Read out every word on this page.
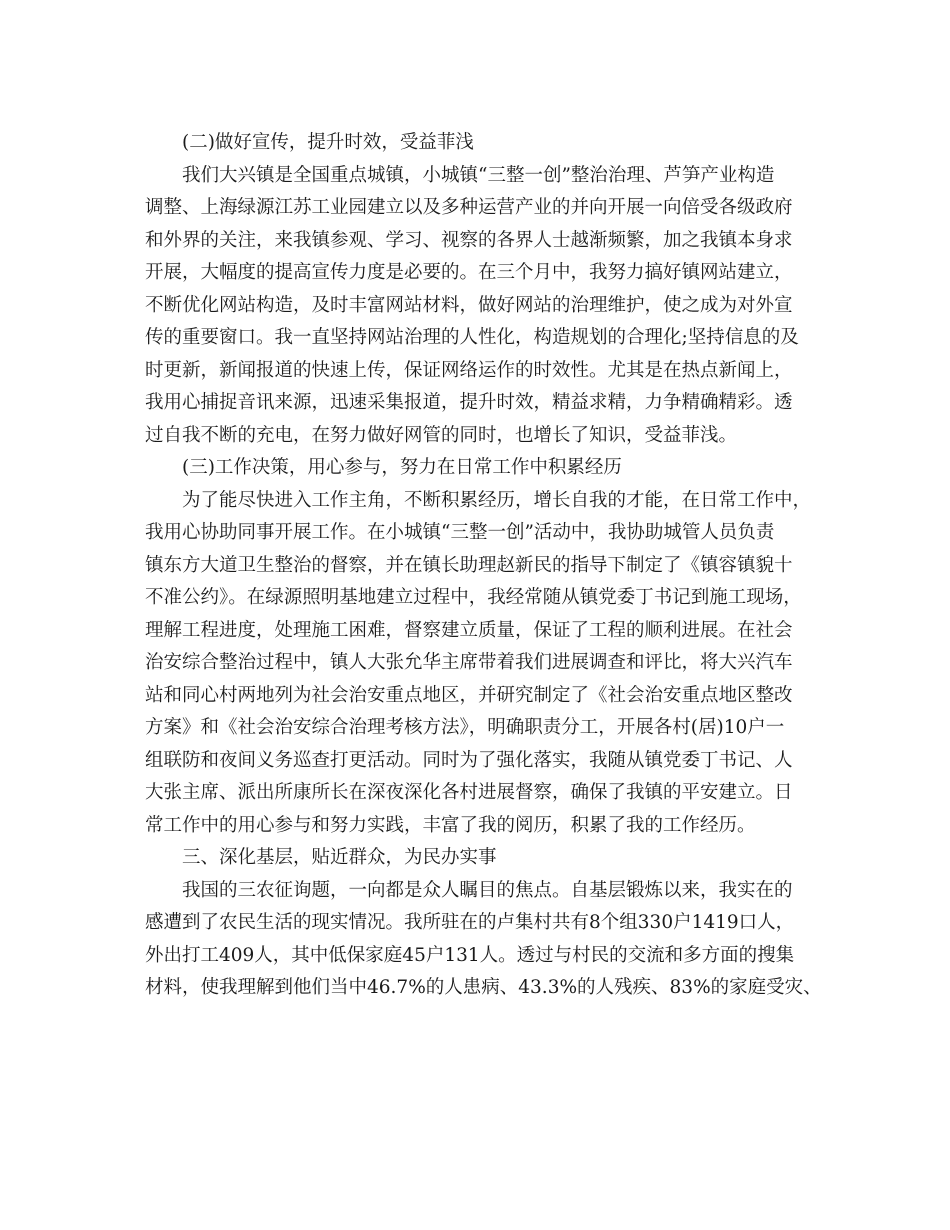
(二)做好宣传，提升时效，受益菲浅
我们大兴镇是全国重点城镇，小城镇“三整一创”整治治理、芦笋产业构造
调整、上海绿源江苏工业园建立以及多种运营产业的并向开展一向倍受各级政府
和外界的关注，来我镇参观、学习、视察的各界人士越渐频繁，加之我镇本身求
开展，大幅度的提高宣传力度是必要的。在三个月中，我努力搞好镇网站建立，
不断优化网站构造，及时丰富网站材料，做好网站的治理维护，使之成为对外宣
传的重要窗口。我一直坚持网站治理的人性化，构造规划的合理化;坚持信息的及
时更新，新闻报道的快速上传，保证网络运作的时效性。尤其是在热点新闻上，
我用心捕捉音讯来源，迅速采集报道，提升时效，精益求精，力争精确精彩。透
过自我不断的充电，在努力做好网管的同时，也增长了知识，受益菲浅。
(三)工作决策，用心参与，努力在日常工作中积累经历
为了能尽快进入工作主角，不断积累经历，增长自我的才能，在日常工作中，
我用心协助同事开展工作。在小城镇“三整一创”活动中，我协助城管人员负责
镇东方大道卫生整治的督察，并在镇长助理赵新民的指导下制定了《镇容镇貌十
不准公约》。在绿源照明基地建立过程中，我经常随从镇党委丁书记到施工现场，
理解工程进度，处理施工困难，督察建立质量，保证了工程的顺利进展。在社会
治安综合整治过程中，镇人大张允华主席带着我们进展调查和评比，将大兴汽车
站和同心村两地列为社会治安重点地区，并研究制定了《社会治安重点地区整改
方案》和《社会治安综合治理考核方法》，明确职责分工，开展各村(居)10户一
组联防和夜间义务巡查打更活动。同时为了强化落实，我随从镇党委丁书记、人
大张主席、派出所康所长在深夜深化各村进展督察，确保了我镇的平安建立。日
常工作中的用心参与和努力实践，丰富了我的阅历，积累了我的工作经历。
三、深化基层，贴近群众，为民办实事
我国的三农征询题，一向都是众人瞩目的焦点。自基层锻炼以来，我实在的
感遭到了农民生活的现实情况。我所驻在的卢集村共有8个组330户1419口人，
外出打工409人，其中低保家庭45户131人。透过与村民的交流和多方面的搜集
材料，使我理解到他们当中46.7%的人患病、43.3%的人残疾、83%的家庭受灾、
